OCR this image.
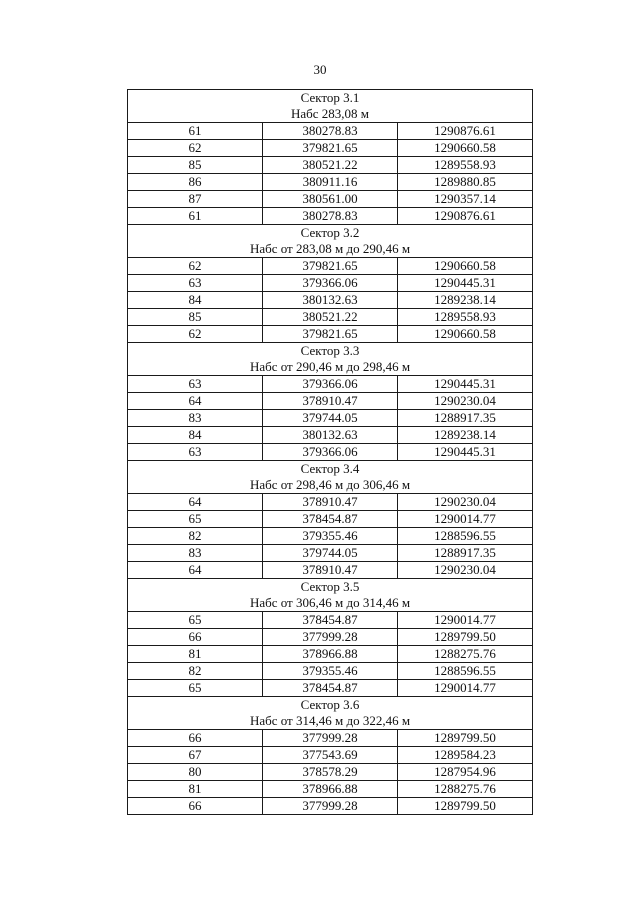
30
Сектор 3.1
Набс 283,08 м		

61	380278.83	1290876.61
62	379821.65	1290660.58
85	380521.22	1289558.93
86	380911.16	1289880.85
87	380561.00	1290357.14
61	380278.83	1290876.61

Сектор 3.2
Набс от 283,08 м до 290,46 м		

62	379821.65	1290660.58
63	379366.06	1290445.31
84	380132.63	1289238.14
85	380521.22	1289558.93
62	379821.65	1290660.58

Сектор 3.3
Набс от 290,46 м до 298,46 м		

63	379366.06	1290445.31
64	378910.47	1290230.04
83	379744.05	1288917.35
84	380132.63	1289238.14
63	379366.06	1290445.31

Сектор 3.4
Набс от 298,46 м до 306,46 м		

64	378910.47	1290230.04
65	378454.87	1290014.77
82	379355.46	1288596.55
83	379744.05	1288917.35
64	378910.47	1290230.04

Сектор 3.5
Набс от 306,46 м до 314,46 м		

65	378454.87	1290014.77
66	377999.28	1289799.50
81	378966.88	1288275.76
82	379355.46	1288596.55
65	378454.87	1290014.77

Сектор 3.6
Набс от 314,46 м до 322,46 м		

66	377999.28	1289799.50
67	377543.69	1289584.23
80	378578.29	1287954.96
81	378966.88	1288275.76
66	377999.28	1289799.50
